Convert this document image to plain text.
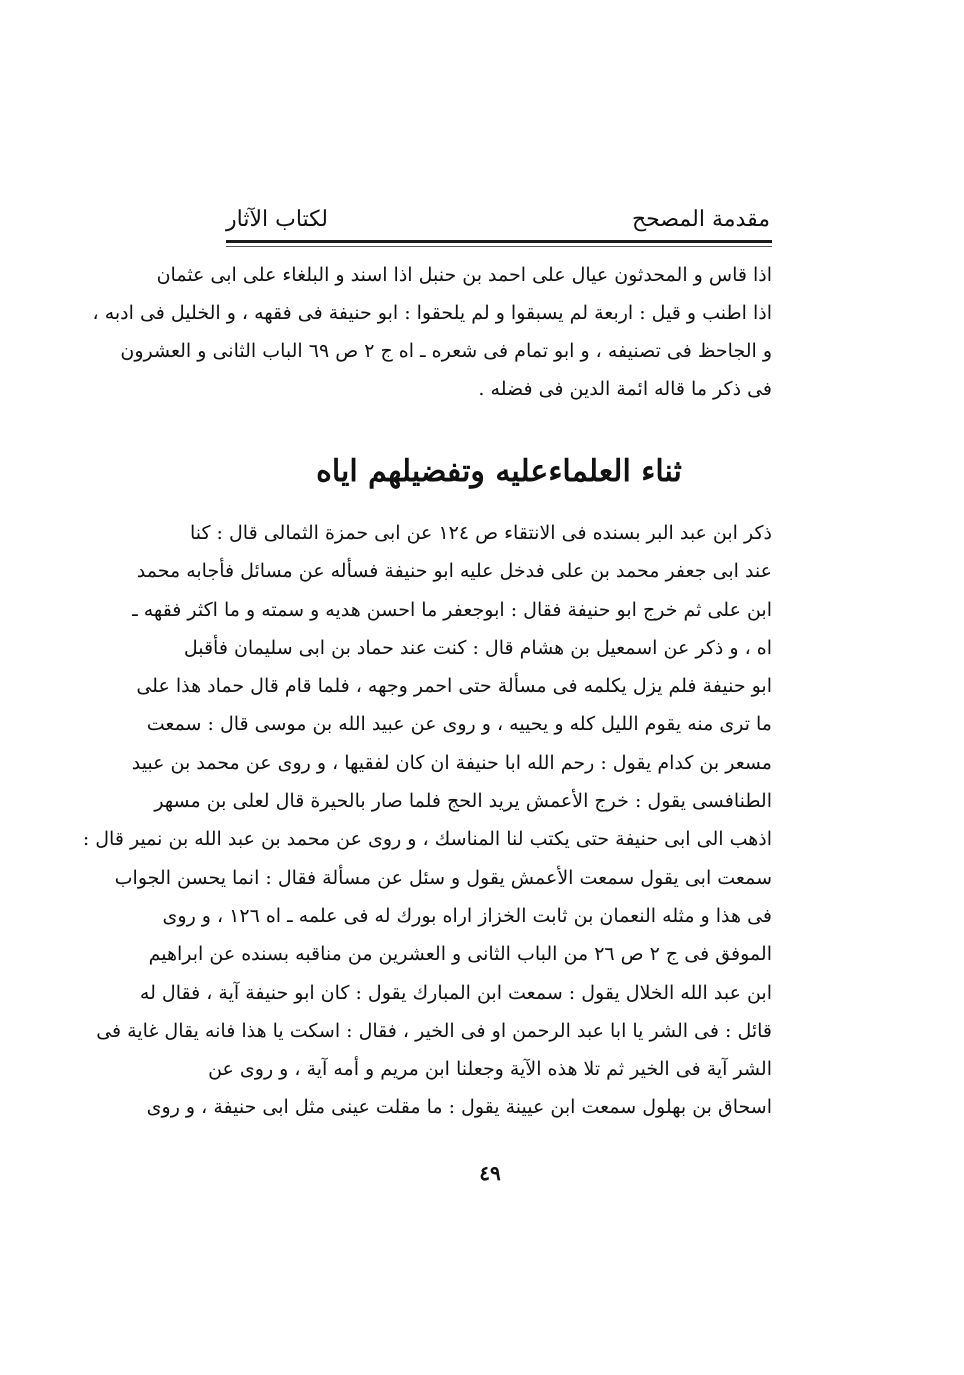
مقدمة المصحح
لكتاب الآثار
اذا قاس و المحدثون عيال على احمد بن حنبل اذا اسند و البلغاء على ابى عثمان
اذا اطنب و قيل : اربعة لم يسبقوا و لم يلحقوا : ابو حنيفة فى فقهه ، و الخليل فى ادبه ،
و الجاحظ فى تصنيفه ، و ابو تمام فى شعره ـ اه ج ٢ ص ٦٩ الباب الثانى و العشرون
فى ذكر ما قاله ائمة الدين فى فضله .
ثناء العلماءعليه وتفضيلهم اياه
ذكر ابن عبد البر بسنده فى الانتقاء ص ١٢٤ عن ابى حمزة الثمالى قال : كنا
عند ابى جعفر محمد بن على فدخل عليه ابو حنيفة فسأله عن مسائل فأجابه محمد
ابن على ثم خرج ابو حنيفة فقال : ابوجعفر ما احسن هديه و سمته و ما اكثر فقهه ـ
اه ، و ذكر عن اسمعيل بن هشام قال : كنت عند حماد بن ابى سليمان فأقبل
ابو حنيفة فلم يزل يكلمه فى مسألة حتى احمر وجهه ، فلما قام قال حماد هذا على
ما ترى منه يقوم الليل كله و يحييه ، و روى عن عبيد الله بن موسى قال : سمعت
مسعر بن كدام يقول : رحم الله ابا حنيفة ان كان لفقيها ، و روى عن محمد بن عبيد
الطنافسى يقول : خرج الأعمش يريد الحج فلما صار بالحيرة قال لعلى بن مسهر
اذهب الى ابى حنيفة حتى يكتب لنا المناسك ، و روى عن محمد بن عبد الله بن نمير قال :
سمعت ابى يقول سمعت الأعمش يقول و سئل عن مسألة فقال : انما يحسن الجواب
فى هذا و مثله النعمان بن ثابت الخزاز اراه بورك له فى علمه ـ اه ١٢٦ ، و روى
الموفق فى ج ٢ ص ٢٦ من الباب الثانى و العشرين من مناقبه بسنده عن ابراهيم
ابن عبد الله الخلال يقول : سمعت ابن المبارك يقول : كان ابو حنيفة آية ، فقال له
قائل : فى الشر يا ابا عبد الرحمن او فى الخير ، فقال : اسكت يا هذا فانه يقال غاية فى
الشر آية فى الخير ثم تلا هذه الآية وجعلنا ابن مريم و أمه آية ، و روى عن
اسحاق بن بهلول سمعت ابن عيينة يقول : ما مقلت عينى مثل ابى حنيفة ، و روى
٤٩
